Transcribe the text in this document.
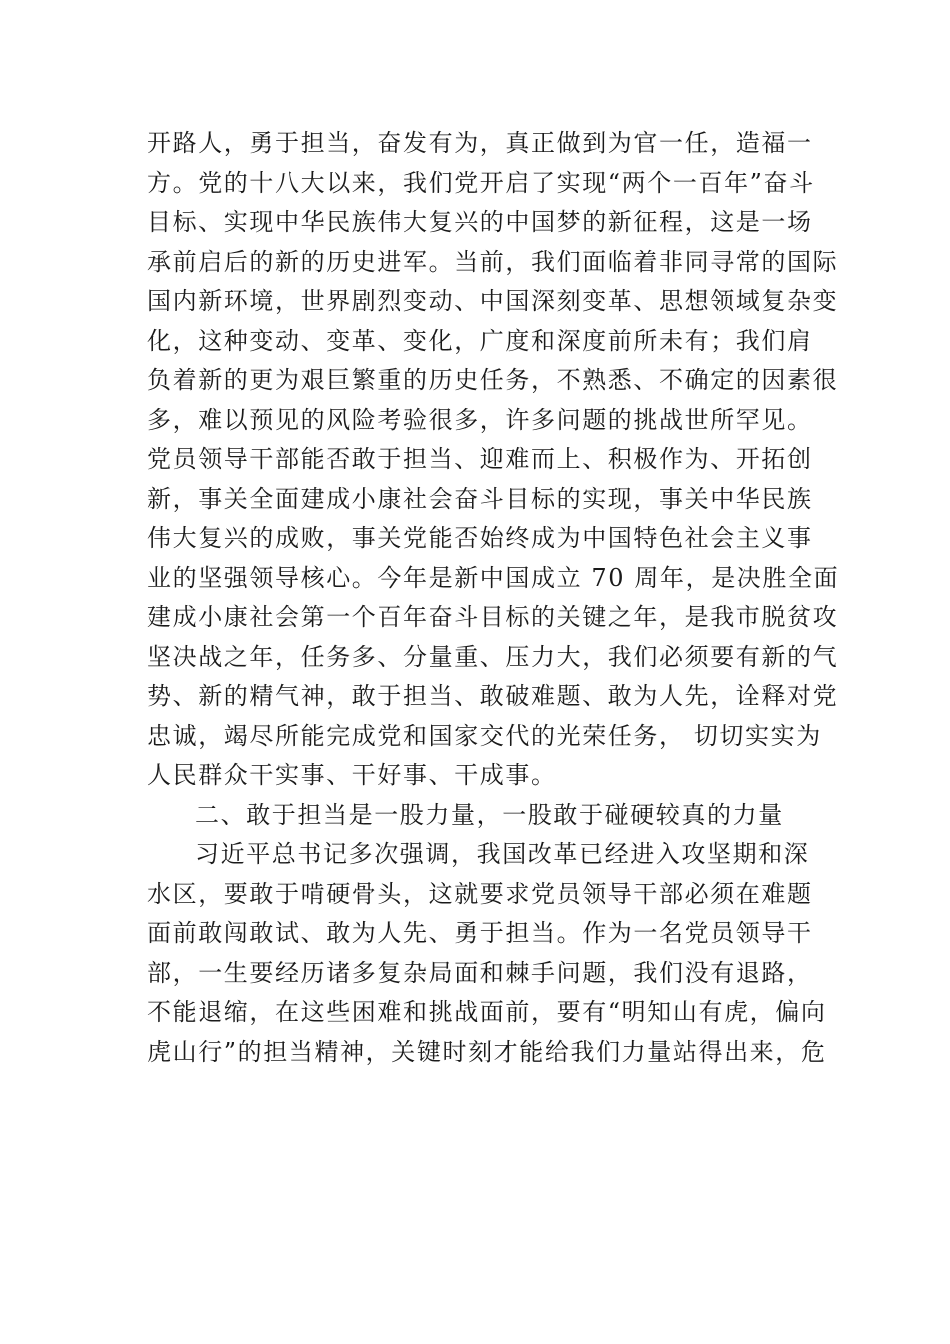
开路人，勇于担当，奋发有为，真正做到为官一任，造福一
方。党的十八大以来，我们党开启了实现“两个一百年”奋斗
目标、实现中华民族伟大复兴的中国梦的新征程，这是一场
承前启后的新的历史进军。当前，我们面临着非同寻常的国际
国内新环境，世界剧烈变动、中国深刻变革、思想领域复杂变
化，这种变动、变革、变化，广度和深度前所未有；我们肩
负着新的更为艰巨繁重的历史任务，不熟悉、不确定的因素很
多，难以预见的风险考验很多，许多问题的挑战世所罕见。
党员领导干部能否敢于担当、迎难而上、积极作为、开拓创
新，事关全面建成小康社会奋斗目标的实现，事关中华民族
伟大复兴的成败，事关党能否始终成为中国特色社会主义事
业的坚强领导核心。今年是新中国成立 70 周年，是决胜全面
建成小康社会第一个百年奋斗目标的关键之年，是我市脱贫攻
坚决战之年，任务多、分量重、压力大，我们必须要有新的气
势、新的精气神，敢于担当、敢破难题、敢为人先，诠释对党
忠诚，竭尽所能完成党和国家交代的光荣任务， 切切实实为
人民群众干实事、干好事、干成事。
二、敢于担当是一股力量，一股敢于碰硬较真的力量
习近平总书记多次强调，我国改革已经进入攻坚期和深
水区，要敢于啃硬骨头，这就要求党员领导干部必须在难题
面前敢闯敢试、敢为人先、勇于担当。作为一名党员领导干
部，一生要经历诸多复杂局面和棘手问题，我们没有退路，
不能退缩，在这些困难和挑战面前，要有“明知山有虎，偏向
虎山行”的担当精神，关键时刻才能给我们力量站得出来，危
